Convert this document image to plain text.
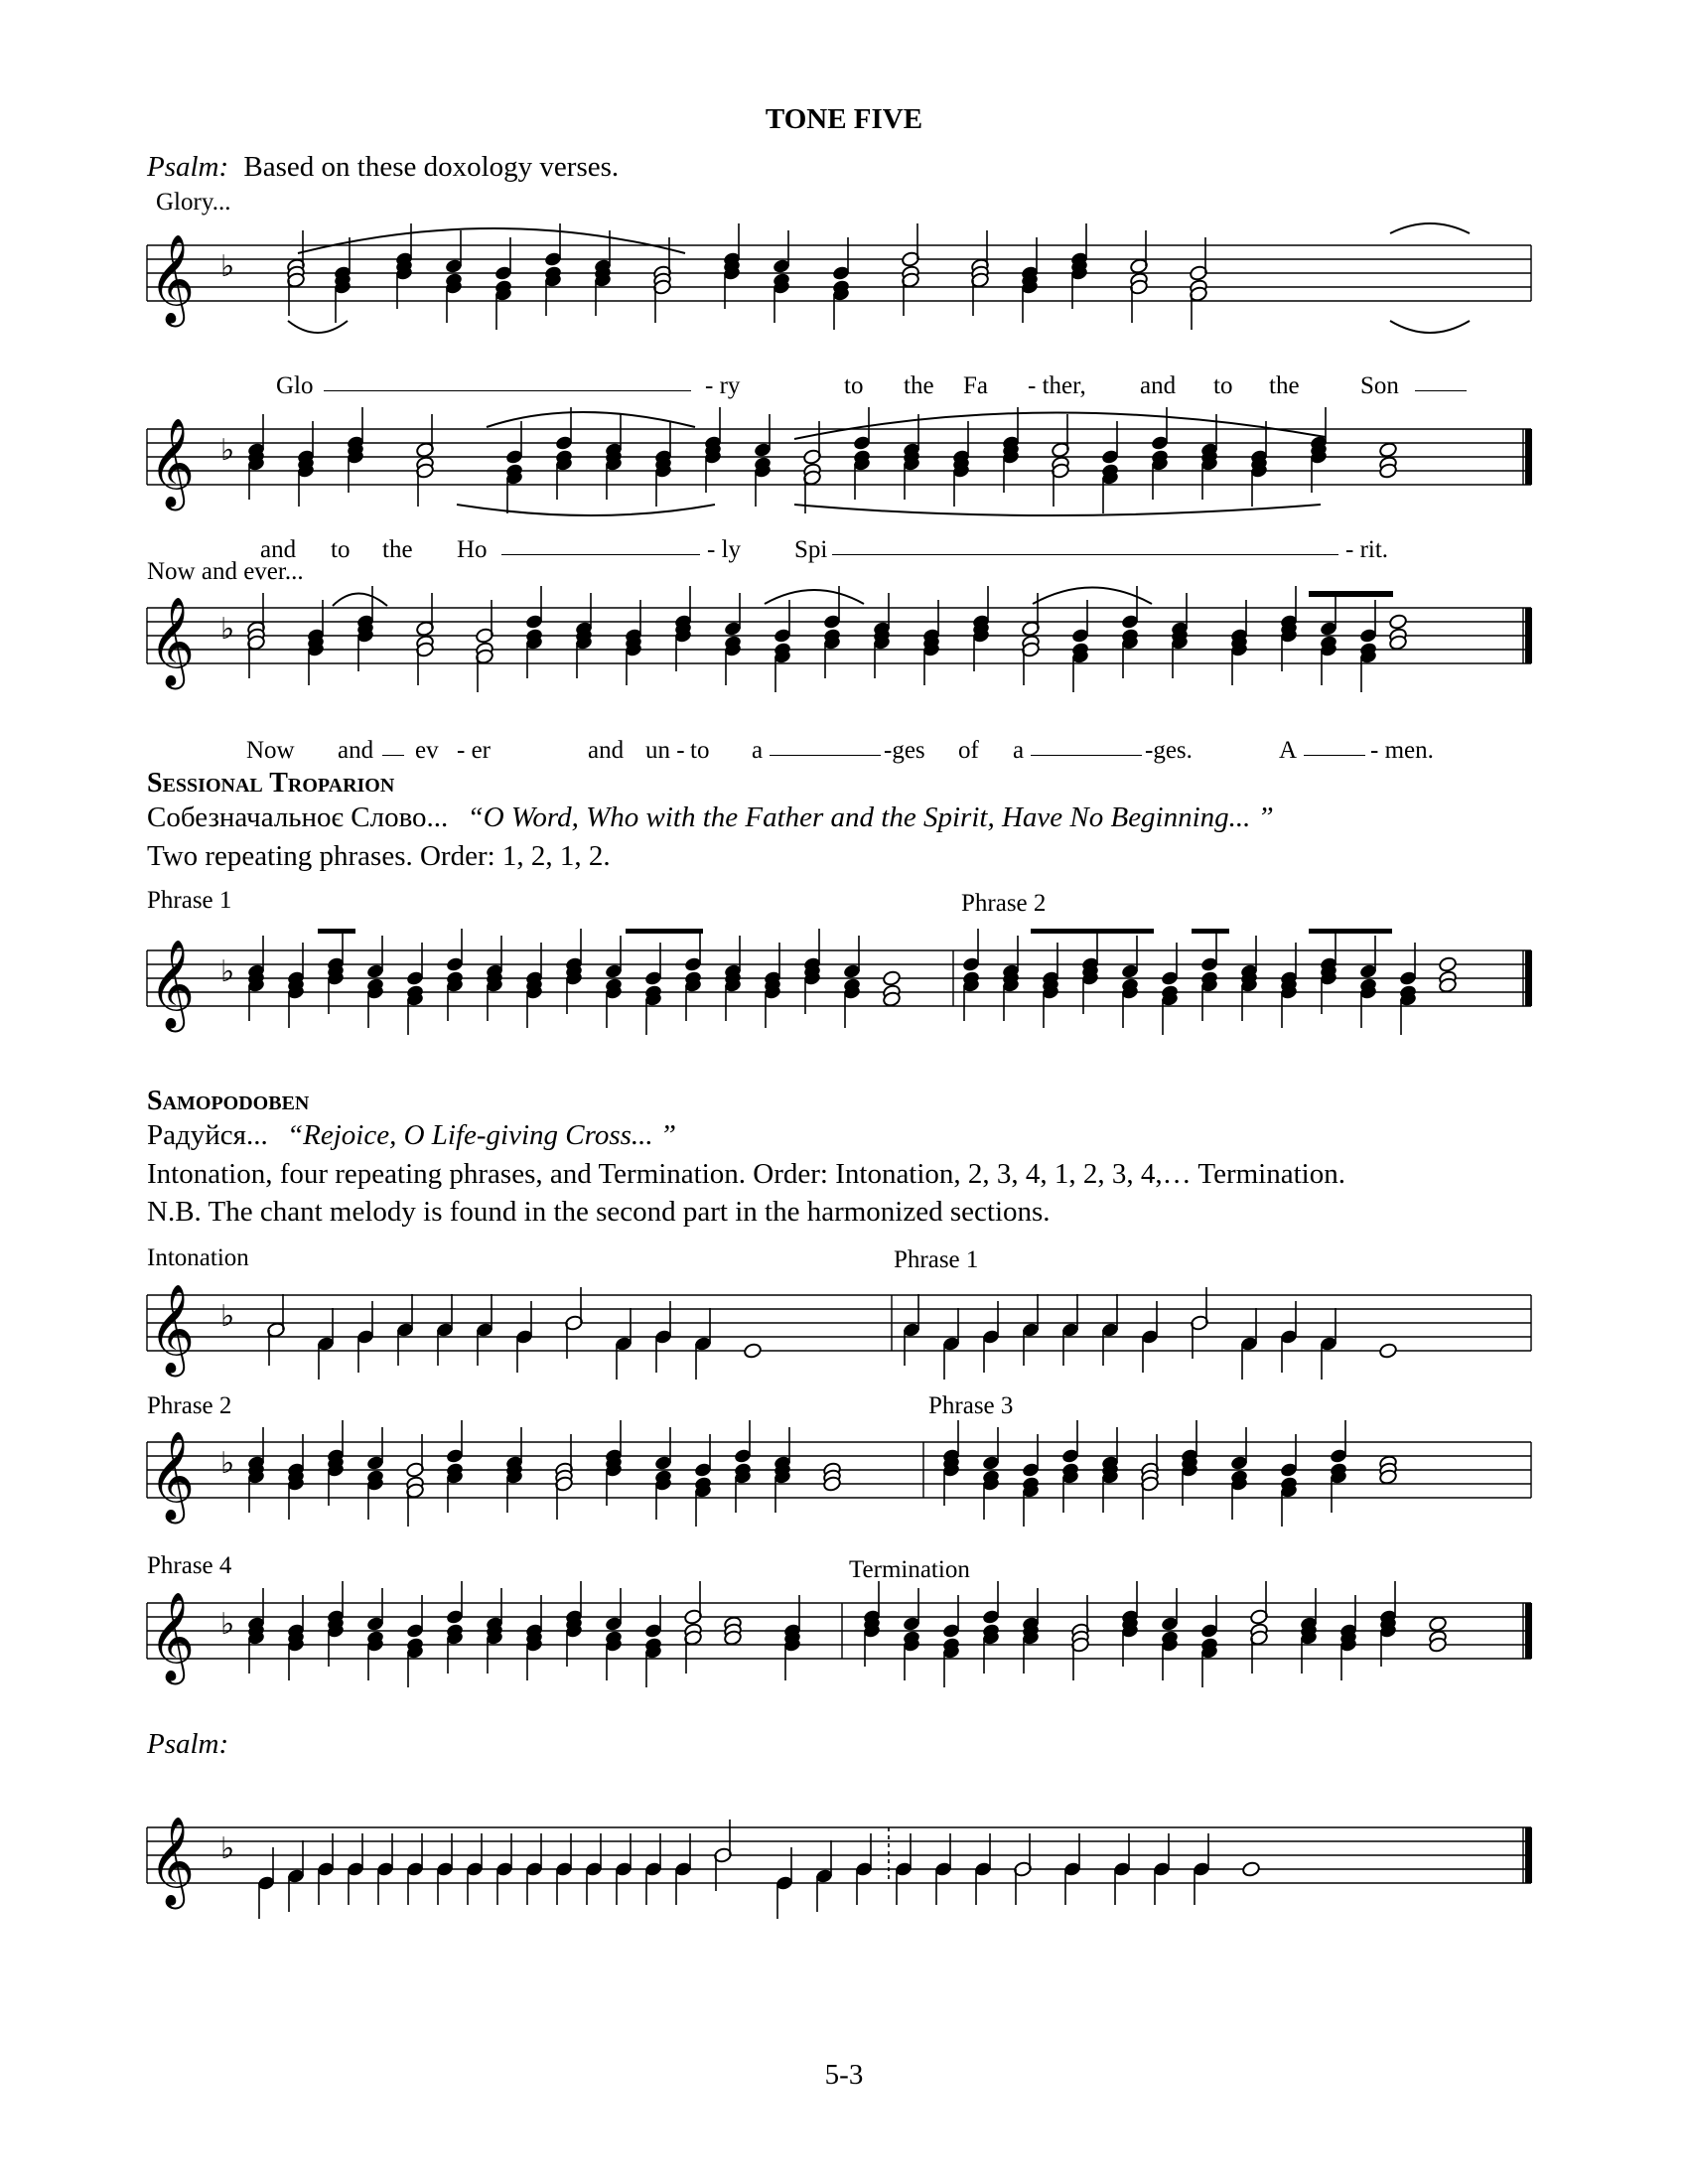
TONE FIVE
Psalm: Based on these doxology verses.
Glory...
𝄞 ♭
Glo	- ry	to the Fa - ther, and to the Son
𝄞 ♭
and to the Ho	- ly Spi	- rit.
Now and ever...
𝄞 ♭
Now and ev - er	and un - to a	-ges of a	-ges.	A	- men.
Sessional Troparion
Собезначальноє Слово... “O Word, Who with the Father and the Spirit, Have No Beginning... ”
Two repeating phrases. Order: 1, 2, 1, 2.
Phrase 1	Phrase 2
𝄞 ♭
Samopodoben
Радуйся... “Rejoice, O Life-giving Cross... ”
Intonation, four repeating phrases, and Termination. Order: Intonation, 2, 3, 4, 1, 2, 3, 4,… Termination.
N.B. The chant melody is found in the second part in the harmonized sections.
Intonation	Phrase 1
𝄞 ♭
Phrase 2	Phrase 3
𝄞 ♭
Phrase 4	Termination
𝄞 ♭
Psalm:
𝄞 ♭
5-3
